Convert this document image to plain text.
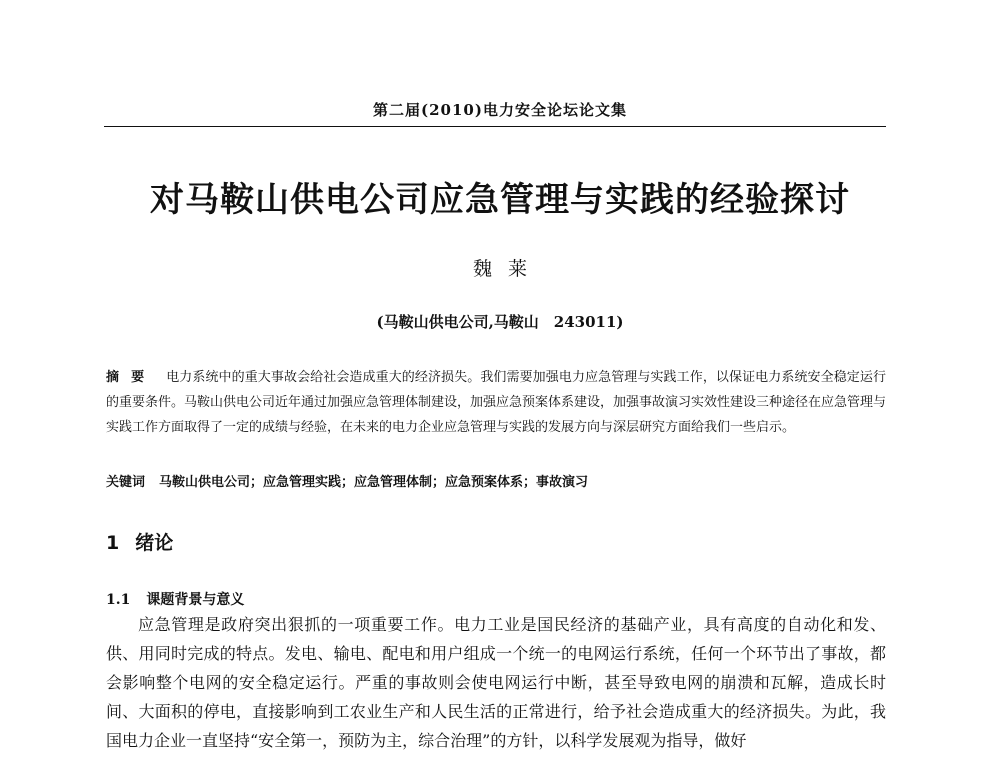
第二届(2010)电力安全论坛论文集
对马鞍山供电公司应急管理与实践的经验探讨
魏莱
(马鞍山供电公司,马鞍山　243011)
摘要 电力系统中的重大事故会给社会造成重大的经济损失。我们需要加强电力应急管理与实践工作，以保证电力系统安全稳定运行的重要条件。马鞍山供电公司近年通过加强应急管理体制建设，加强应急预案体系建设，加强事故演习实效性建设三种途径在应急管理与实践工作方面取得了一定的成绩与经验，在未来的电力企业应急管理与实践的发展方向与深层研究方面给我们一些启示。
关键词 马鞍山供电公司；应急管理实践；应急管理体制；应急预案体系；事故演习
1 绪论
1.1 课题背景与意义
应急管理是政府突出狠抓的一项重要工作。电力工业是国民经济的基础产业，具有高度的自动化和发、供、用同时完成的特点。发电、输电、配电和用户组成一个统一的电网运行系统，任何一个环节出了事故，都会影响整个电网的安全稳定运行。严重的事故则会使电网运行中断，甚至导致电网的崩溃和瓦解，造成长时间、大面积的停电，直接影响到工农业生产和人民生活的正常进行，给予社会造成重大的经济损失。为此，我国电力企业一直坚持“安全第一，预防为主，综合治理”的方针，以科学发展观为指导，做好
